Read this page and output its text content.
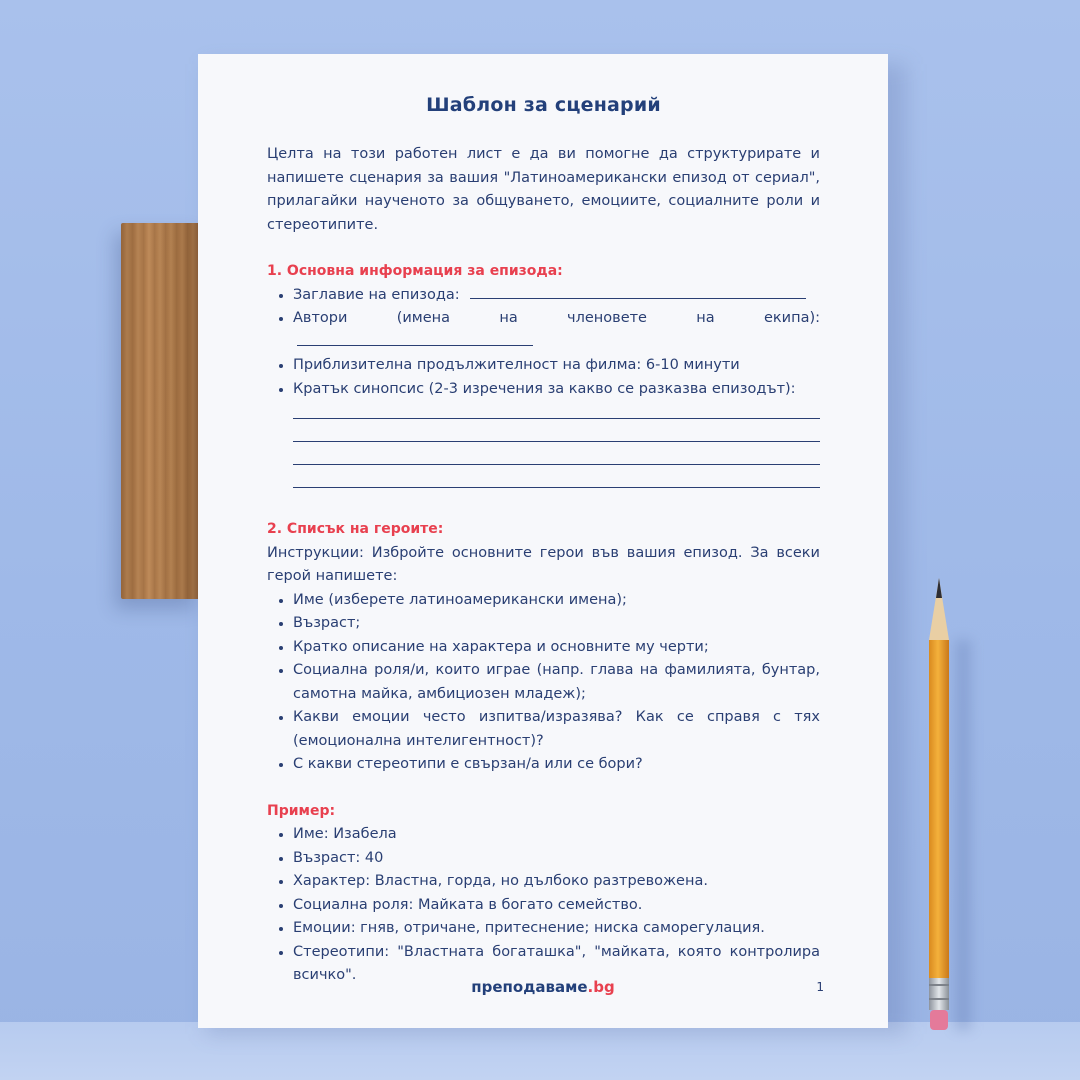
Шаблон за сценарий

Целта на този работен лист е да ви помогне да структурирате и напишете сценария за вашия "Латиноамерикански епизод от сериал", прилагайки наученото за общуването, емоциите, социалните роли и стереотипите.

1. Основна информация за епизода:
• Заглавие на епизода:
• Автори (имена на членовете на екипа):
• Приблизителна продължителност на филма: 6-10 минути
• Кратък синопсис (2-3 изречения за какво се разказва епизодът):
2. Списък на героите:

Инструкции: Избройте основните герои във вашия епизод. За всеки герой напишете:

• Име (изберете латиноамерикански имена);
• Възраст;
• Кратко описание на характера и основните му черти;
• Социална роля/и, които играе (напр. глава на фамилията, бунтар, самотна майка, амбициозен младеж);
• Какви емоции често изпитва/изразява? Как се справя с тях (емоционална интелигентност)?
• С какви стереотипи е свързан/а или се бори?
Пример:
• Име: Изабела
• Възраст: 40
• Характер: Властна, горда, но дълбоко разтревожена.
• Социална роля: Майката в богато семейство.
• Емоции: гняв, отричане, притеснение; ниска саморегулация.
• Стереотипи: "Властната богаташка", "майката, която контролира всичко".
преподаваме.bg	1
